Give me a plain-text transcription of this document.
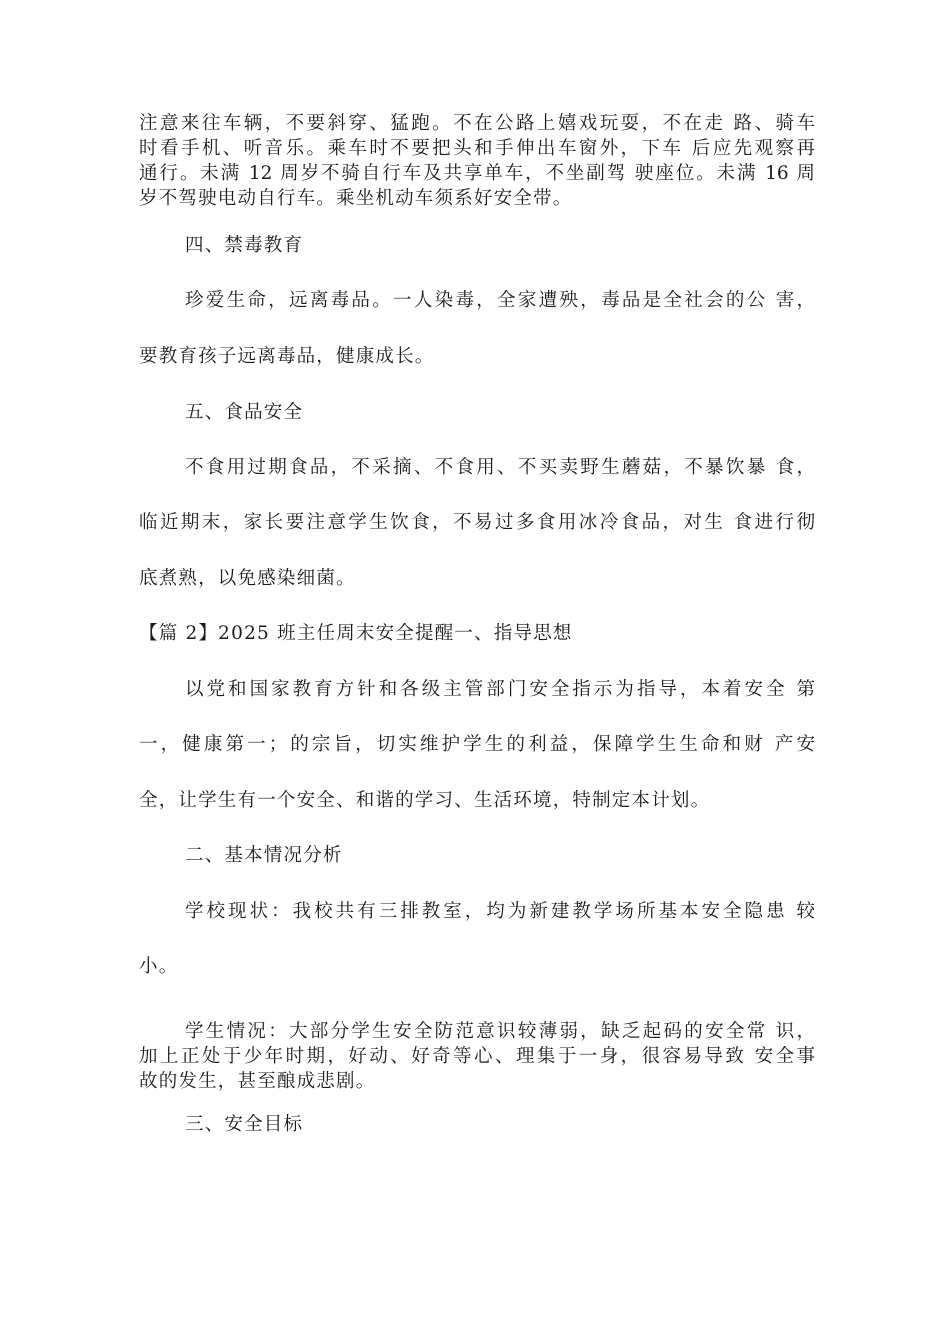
注意来往车辆，不要斜穿、猛跑。不在公路上嬉戏玩耍，不在走 路、骑车
时看手机、听音乐。乘车时不要把头和手伸出车窗外，下车 后应先观察再
通行。未满 12 周岁不骑自行车及共享单车，不坐副驾 驶座位。未满 16 周
岁不驾驶电动自行车。乘坐机动车须系好安全带。
四、禁毒教育
珍爱生命，远离毒品。一人染毒，全家遭殃，毒品是全社会的公 害，
要教育孩子远离毒品，健康成长。
五、食品安全
不食用过期食品，不采摘、不食用、不买卖野生蘑菇，不暴饮暴 食，
临近期末，家长要注意学生饮食，不易过多食用冰冷食品，对生 食进行彻
底煮熟，以免感染细菌。
【篇 2】2025 班主任周末安全提醒一、指导思想
以党和国家教育方针和各级主管部门安全指示为指导，本着安全 第
一，健康第一；的宗旨，切实维护学生的利益，保障学生生命和财 产安
全，让学生有一个安全、和谐的学习、生活环境，特制定本计划。
二、基本情况分析
学校现状：我校共有三排教室，均为新建教学场所基本安全隐患 较
小。
学生情况：大部分学生安全防范意识较薄弱，缺乏起码的安全常 识，
加上正处于少年时期，好动、好奇等心、理集于一身，很容易导致 安全事
故的发生，甚至酿成悲剧。
三、安全目标
